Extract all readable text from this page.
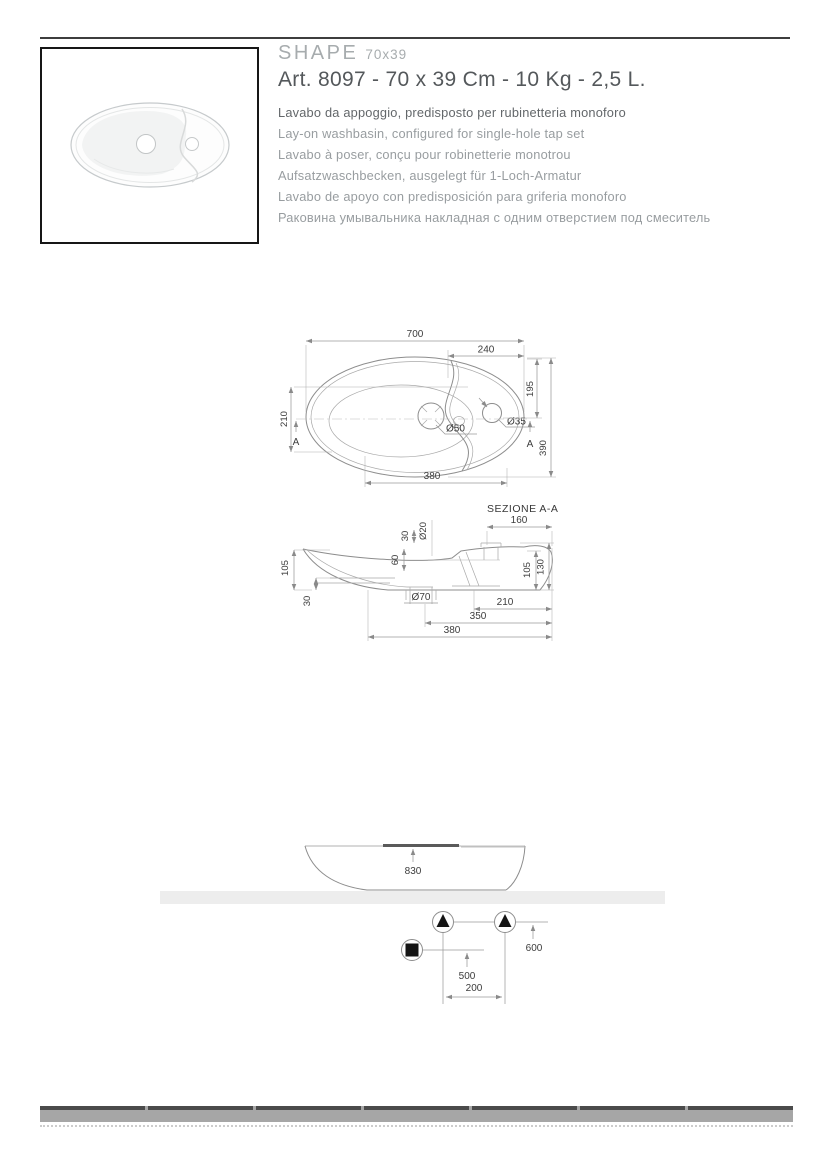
SHAPE 70x39
Art. 8097 - 70 x 39 Cm - 10 Kg - 2,5 L.

Lavabo da appoggio, predisposto per rubinetteria monoforo

Lay-on washbasin, configured for single-hole tap set

Lavabo à poser, conçu pour robinetterie monotrou

Aufsatzwaschbecken, ausgelegt für 1-Loch-Armatur

Lavabo de apoyo con predisposición para griferia monoforo

Раковина умывальника накладная с одним отверстием под смеситель

Ø50
Ø35
700
240
195
210
A	A 390
380
SEZIONE A-A
160
30 Ø20
60
105
30	Ø70
105 130
210
350
380
830
600
500
200
